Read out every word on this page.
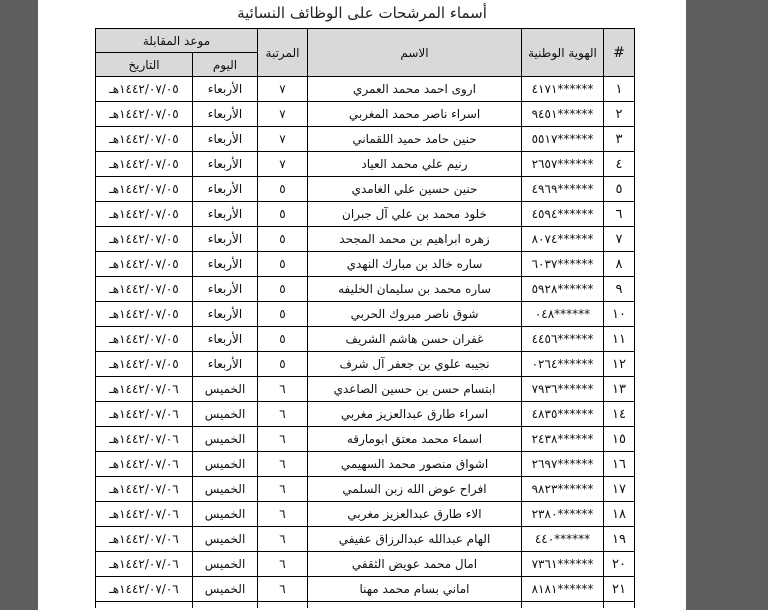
أسماء المرشحات على الوظائف النسائية
#	الهوية الوطنية	الاسم	المرتبة	موعد المقابلة	
				اليوم	التاريخ
١	******٤١٧١	اروى احمد محمد العمري	٧	الأربعاء	١٤٤٢/٠٧/٠٥هـ
٢	******٩٤٥١	اسراء ناصر محمد المغربي	٧	الأربعاء	١٤٤٢/٠٧/٠٥هـ
٣	******٥٥١٧	حنين حامد حميد اللقماني	٧	الأربعاء	١٤٤٢/٠٧/٠٥هـ
٤	******٢٦٥٧	رنيم علي محمد العياد	٧	الأربعاء	١٤٤٢/٠٧/٠٥هـ
٥	******٤٩٦٩	حنين حسين علي الغامدي	٥	الأربعاء	١٤٤٢/٠٧/٠٥هـ
٦	******٤٥٩٤	خلود محمد بن علي آل جبران	٥	الأربعاء	١٤٤٢/٠٧/٠٥هـ
٧	******٨٠٧٤	زهره ابراهيم بن محمد المجحد	٥	الأربعاء	١٤٤٢/٠٧/٠٥هـ
٨	******٦٠٣٧	ساره خالد بن مبارك النهدي	٥	الأربعاء	١٤٤٢/٠٧/٠٥هـ
٩	******٥٩٢٨	ساره محمد بن سليمان الخليفه	٥	الأربعاء	١٤٤٢/٠٧/٠٥هـ
١٠	******٠٤٨	شوق ناصر مبروك الحربي	٥	الأربعاء	١٤٤٢/٠٧/٠٥هـ
١١	******٤٤٥٦	غفران حسن هاشم الشريف	٥	الأربعاء	١٤٤٢/٠٧/٠٥هـ
١٢	******٠٢٦٤	نجيبه علوي بن جعفر آل شرف	٥	الأربعاء	١٤٤٢/٠٧/٠٥هـ
١٣	******٧٩٣٦	ابتسام حسن بن حسين الصاعدي	٦	الخميس	١٤٤٢/٠٧/٠٦هـ
١٤	******٤٨٣٥	اسراء طارق عبدالعزيز مغربي	٦	الخميس	١٤٤٢/٠٧/٠٦هـ
١٥	******٢٤٣٨	اسماء محمد معتق ابومارقه	٦	الخميس	١٤٤٢/٠٧/٠٦هـ
١٦	******٢٦٩٧	اشواق منصور محمد السهيمي	٦	الخميس	١٤٤٢/٠٧/٠٦هـ
١٧	******٩٨٢٣	افراح عوض الله زبن السلمي	٦	الخميس	١٤٤٢/٠٧/٠٦هـ
١٨	******٢٣٨٠	الاء طارق عبدالعزيز مغربي	٦	الخميس	١٤٤٢/٠٧/٠٦هـ
١٩	******٤٤٠	الهام عبدالله عبدالرزاق عفيفي	٦	الخميس	١٤٤٢/٠٧/٠٦هـ
٢٠	******٧٣٦١	امال محمد عويض الثقفي	٦	الخميس	١٤٤٢/٠٧/٠٦هـ
٢١	******٨١٨١	اماني بسام محمد مهنا	٦	الخميس	١٤٤٢/٠٧/٠٦هـ
